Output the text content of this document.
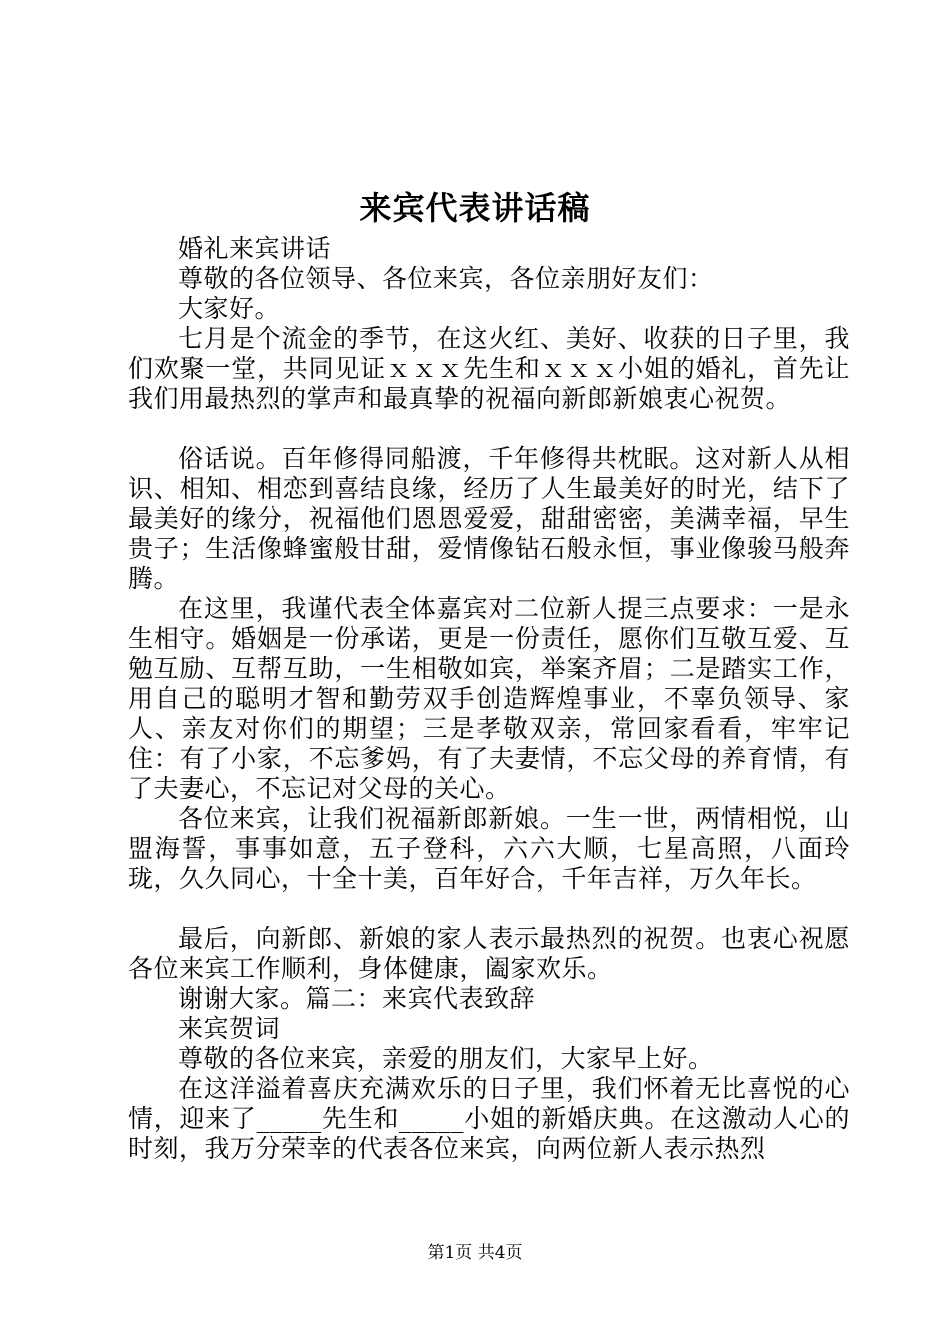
来宾代表讲话稿

婚礼来宾讲话

尊敬的各位领导、各位来宾，各位亲朋好友们：

大家好。

七月是个流金的季节，在这火红、美好、收获的日子里，我们欢聚一堂，共同见证ｘｘｘ先生和ｘｘｘ小姐的婚礼，首先让我们用最热烈的掌声和最真挚的祝福向新郎新娘衷心祝贺。

俗话说。百年修得同船渡，千年修得共枕眠。这对新人从相识、相知、相恋到喜结良缘，经历了人生最美好的时光，结下了最美好的缘分，祝福他们恩恩爱爱，甜甜密密，美满幸福，早生贵子；生活像蜂蜜般甘甜，爱情像钻石般永恒，事业像骏马般奔腾。

在这里，我谨代表全体嘉宾对二位新人提三点要求：一是永生相守。婚姻是一份承诺，更是一份责任，愿你们互敬互爱、互勉互励、互帮互助，一生相敬如宾，举案齐眉；二是踏实工作，用自己的聪明才智和勤劳双手创造辉煌事业，不辜负领导、家人、亲友对你们的期望；三是孝敬双亲，常回家看看，牢牢记住：有了小家，不忘爹妈，有了夫妻情，不忘父母的养育情，有了夫妻心，不忘记对父母的关心。

各位来宾，让我们祝福新郎新娘。一生一世，两情相悦，山盟海誓，事事如意，五子登科，六六大顺，七星高照，八面玲珑，久久同心，十全十美，百年好合，千年吉祥，万久年长。

最后，向新郎、新娘的家人表示最热烈的祝贺。也衷心祝愿各位来宾工作顺利，身体健康，阖家欢乐。

谢谢大家。篇二：来宾代表致辞

来宾贺词

尊敬的各位来宾，亲爱的朋友们，大家早上好。

在这洋溢着喜庆充满欢乐的日子里，我们怀着无比喜悦的心情，迎来了_____先生和_____小姐的新婚庆典。在这激动人心的时刻，我万分荣幸的代表各位来宾，向两位新人表示热烈

第1页 共4页
